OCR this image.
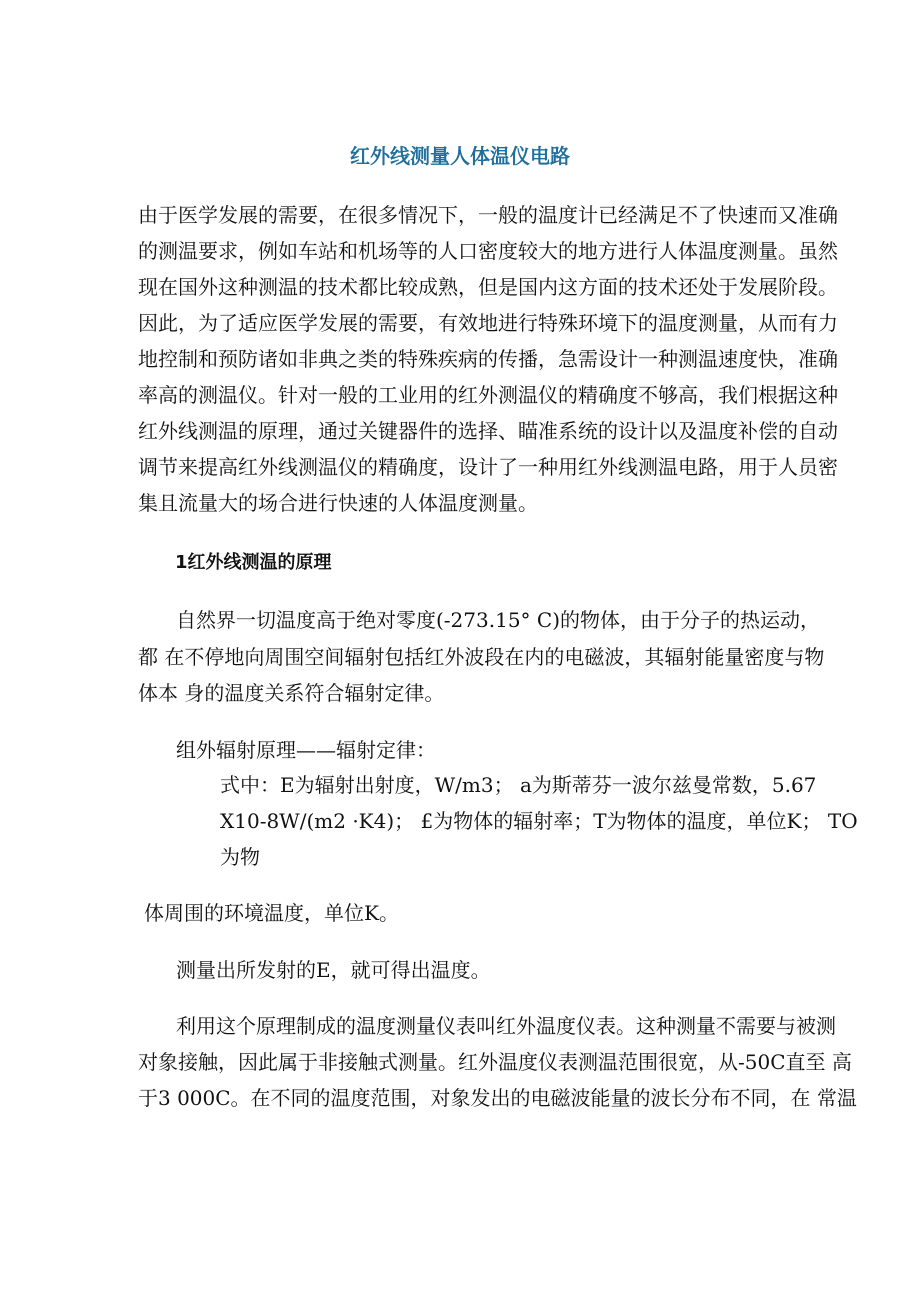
红外线测量人体温仪电路
由于医学发展的需要，在很多情况下，一般的温度计已经满足不了快速而又准确
的测温要求，例如车站和机场等的人口密度较大的地方进行人体温度测量。虽然
现在国外这种测温的技术都比较成熟，但是国内这方面的技术还处于发展阶段。
因此，为了适应医学发展的需要，有效地进行特殊环境下的温度测量，从而有力
地控制和预防诸如非典之类的特殊疾病的传播，急需设计一种测温速度快，准确
率高的测温仪。针对一般的工业用的红外测温仪的精确度不够高，我们根据这种
红外线测温的原理，通过关键器件的选择、瞄准系统的设计以及温度补偿的自动
调节来提高红外线测温仪的精确度，设计了一种用红外线测温电路，用于人员密
集且流量大的场合进行快速的人体温度测量。
1红外线测温的原理
自然界一切温度高于绝对零度(-273.15° C)的物体，由于分子的热运动，
都 在不停地向周围空间辐射包括红外波段在内的电磁波，其辐射能量密度与物
体本 身的温度关系符合辐射定律。
组外辐射原理——辐射定律：
式中：E为辐射出射度，W/m3； a为斯蒂芬一波尔兹曼常数，5.67
X10-8W/(m2 ·K4)； £为物体的辐射率；T为物体的温度，单位K； TO
为物
体周围的环境温度，单位K。
测量出所发射的E，就可得出温度。
利用这个原理制成的温度测量仪表叫红外温度仪表。这种测量不需要与被测
对象接触，因此属于非接触式测量。红外温度仪表测温范围很宽，从-50C直至 高
于3 000C。在不同的温度范围，对象发出的电磁波能量的波长分布不同，在 常温
